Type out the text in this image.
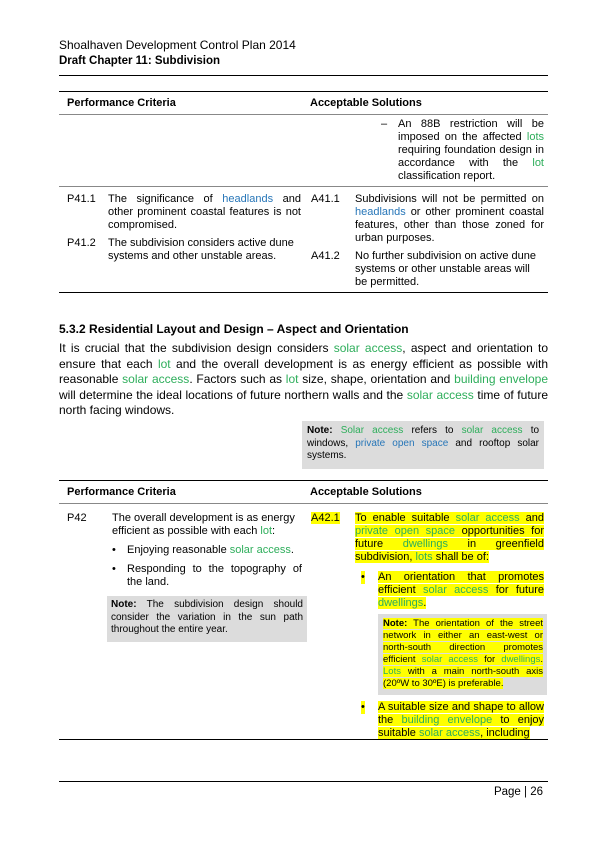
Shoalhaven Development Control Plan 2014
Draft Chapter 11: Subdivision
Performance Criteria	Acceptable Solutions
– An 88B restriction will be imposed on the affected lots requiring foundation design in accordance with the lot classification report.
P41.1 The significance of headlands and other prominent coastal features is not compromised.
P41.2 The subdivision considers active dune systems and other unstable areas.
A41.1 Subdivisions will not be permitted on headlands or other prominent coastal features, other than those zoned for urban purposes.
A41.2 No further subdivision on active dune systems or other unstable areas will be permitted.
5.3.2 Residential Layout and Design – Aspect and Orientation
It is crucial that the subdivision design considers solar access, aspect and orientation to ensure that each lot and the overall development is as energy efficient as possible with reasonable solar access. Factors such as lot size, shape, orientation and building envelope will determine the ideal locations of future northern walls and the solar access time of future north facing windows.
Note: Solar access refers to solar access to windows, private open space and rooftop solar systems.
Performance Criteria	Acceptable Solutions
P42 The overall development is as energy efficient as possible with each lot:
• Enjoying reasonable solar access.
• Responding to the topography of the land.
Note: The subdivision design should consider the variation in the sun path throughout the entire year.
A42.1 To enable suitable solar access and private open space opportunities for future dwellings in greenfield subdivision, lots shall be of:
• An orientation that promotes efficient solar access for future dwellings.
Note: The orientation of the street network in either an east-west or north-south direction promotes efficient solar access for dwellings. Lots with a main north-south axis (20ºW to 30ºE) is preferable.
• A suitable size and shape to allow the building envelope to enjoy suitable solar access, including
Page | 26
